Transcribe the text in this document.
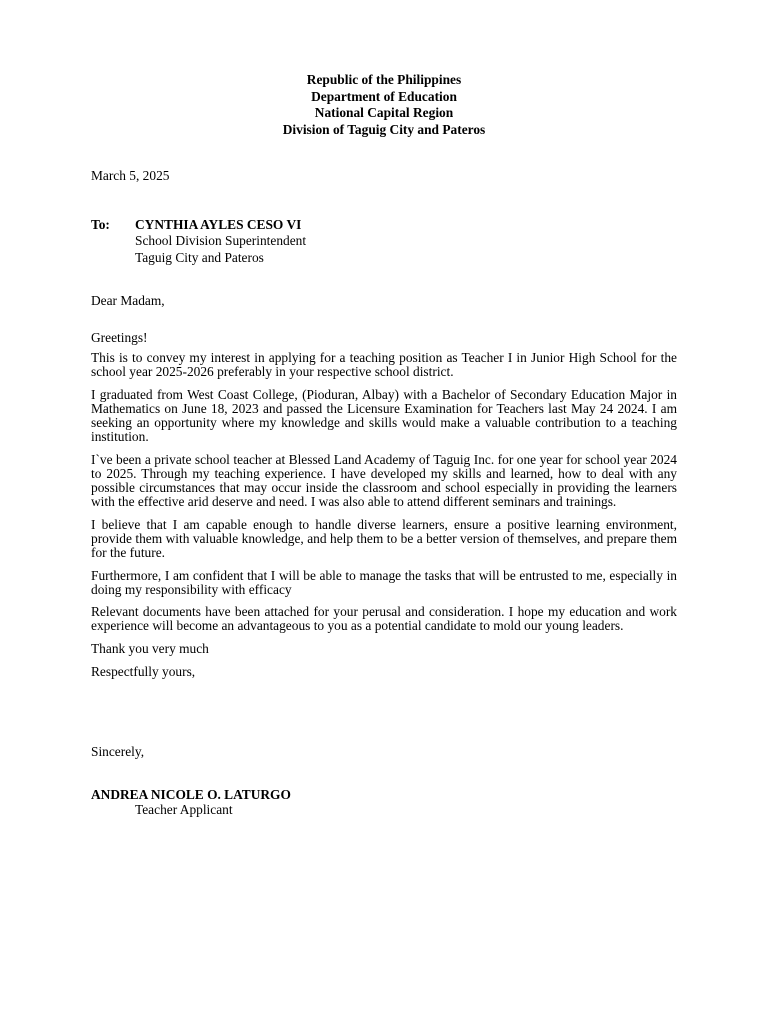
Republic of the Philippines
Department of Education
National Capital Region
Division of Taguig City and Pateros
March 5, 2025
To: CYNTHIA AYLES CESO VI
School Division Superintendent
Taguig City and Pateros
Dear Madam,
Greetings!

This is to convey my interest in applying for a teaching position as Teacher I in Junior High School for the school year 2025-2026 preferably in your respective school district.

I graduated from West Coast College, (Pioduran, Albay) with a Bachelor of Secondary Education Major in Mathematics on June 18, 2023 and passed the Licensure Examination for Teachers last May 24 2024. I am seeking an opportunity where my knowledge and skills would make a valuable contribution to a teaching institution.

I`ve been a private school teacher at Blessed Land Academy of Taguig Inc. for one year for school year 2024 to 2025. Through my teaching experience. I have developed my skills and learned, how to deal with any possible circumstances that may occur inside the classroom and school especially in providing the learners with the effective arid deserve and need. I was also able to attend different seminars and trainings.

I believe that I am capable enough to handle diverse learners, ensure a positive learning environment, provide them with valuable knowledge, and help them to be a better version of themselves, and prepare them for the future.

Furthermore, I am confident that I will be able to manage the tasks that will be entrusted to me, especially in doing my responsibility with efficacy

Relevant documents have been attached for your perusal and consideration. I hope my education and work experience will become an advantageous to you as a potential candidate to mold our young leaders.

Thank you very much

Respectfully yours,

Sincerely,
ANDREA NICOLE O. LATURGO
Teacher Applicant
